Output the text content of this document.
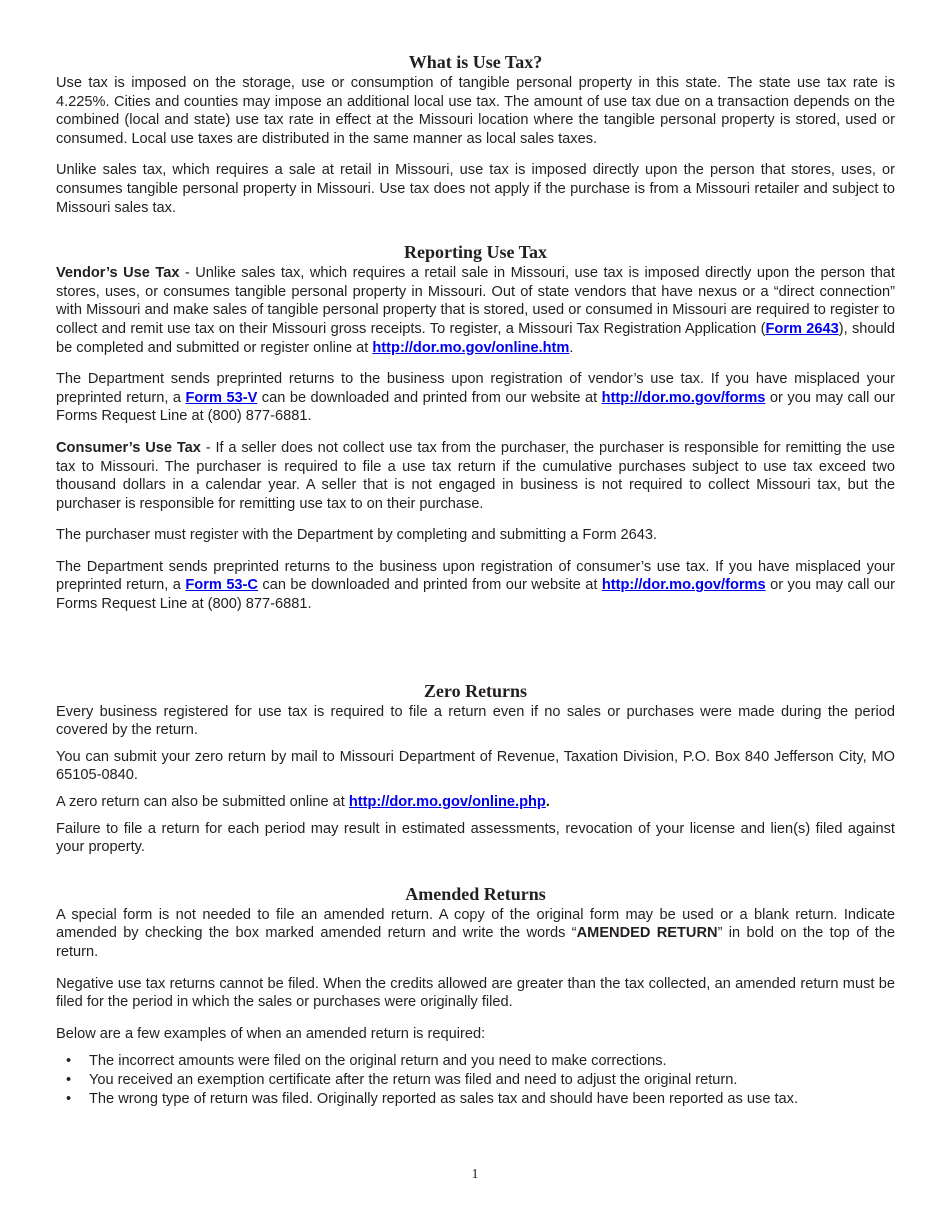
What is Use Tax?

Use tax is imposed on the storage, use or consumption of tangible personal property in this state. The state use tax rate is 4.225%. Cities and counties may impose an additional local use tax. The amount of use tax due on a transaction depends on the combined (local and state) use tax rate in effect at the Missouri location where the tangible personal property is stored, used or consumed. Local use taxes are distributed in the same manner as local sales taxes.

Unlike sales tax, which requires a sale at retail in Missouri, use tax is imposed directly upon the person that stores, uses, or consumes tangible personal property in Missouri. Use tax does not apply if the purchase is from a Missouri retailer and subject to Missouri sales tax.

Reporting Use Tax

Vendor’s Use Tax - Unlike sales tax, which requires a retail sale in Missouri, use tax is imposed directly upon the person that stores, uses, or consumes tangible personal property in Missouri. Out of state vendors that have nexus or a “direct connection” with Missouri and make sales of tangible personal property that is stored, used or consumed in Missouri are required to register to collect and remit use tax on their Missouri gross receipts. To register, a Missouri Tax Registration Application (Form 2643), should be completed and submitted or register online at http://dor.mo.gov/online.htm.

The Department sends preprinted returns to the business upon registration of vendor’s use tax. If you have misplaced your preprinted return, a Form 53-V can be downloaded and printed from our website at http://dor.mo.gov/forms or you may call our Forms Request Line at (800) 877-6881.

Consumer’s Use Tax - If a seller does not collect use tax from the purchaser, the purchaser is responsible for remitting the use tax to Missouri. The purchaser is required to file a use tax return if the cumulative purchases subject to use tax exceed two thousand dollars in a calendar year. A seller that is not engaged in business is not required to collect Missouri tax, but the purchaser is responsible for remitting use tax to on their purchase.

The purchaser must register with the Department by completing and submitting a Form 2643.

The Department sends preprinted returns to the business upon registration of consumer’s use tax. If you have misplaced your preprinted return, a Form 53-C can be downloaded and printed from our website at http://dor.mo.gov/forms or you may call our Forms Request Line at (800) 877-6881.

Zero Returns

Every business registered for use tax is required to file a return even if no sales or purchases were made during the period covered by the return.

You can submit your zero return by mail to Missouri Department of Revenue, Taxation Division, P.O. Box 840 Jefferson City, MO 65105-0840.

A zero return can also be submitted online at http://dor.mo.gov/online.php.

Failure to file a return for each period may result in estimated assessments, revocation of your license and lien(s) filed against your property.

Amended Returns

A special form is not needed to file an amended return. A copy of the original form may be used or a blank return. Indicate amended by checking the box marked amended return and write the words “AMENDED RETURN” in bold on the top of the return.

Negative use tax returns cannot be filed. When the credits allowed are greater than the tax collected, an amended return must be filed for the period in which the sales or purchases were originally filed.

Below are a few examples of when an amended return is required:

• The incorrect amounts were filed on the original return and you need to make corrections.
• You received an exemption certificate after the return was filed and need to adjust the original return.
• The wrong type of return was filed. Originally reported as sales tax and should have been reported as use tax.
1
